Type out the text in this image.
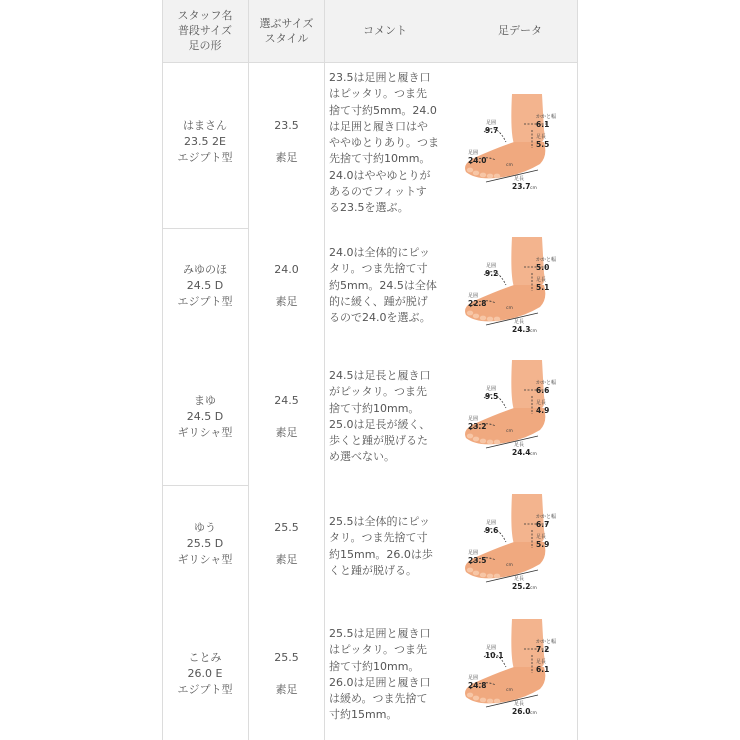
スタッフ名
普段サイズ
足の形
選ぶサイズ
スタイル
コメント	足データ
はまさん
23.5 2E
エジプト型
23.5
素足
23.5は足囲と履き口
はピッタリ。つま先
捨て寸約5mm。24.0
は足囲と履き口はや
ややゆとりあり。つま
先捨て寸約10mm。
24.0はややゆとりが
あるのでフィットす
る23.5を選ぶ。
足囲
9.7
かかと幅
6.1
足長
5.5
足囲
24.0
cm
足長
23.7 cm
みゆのほ
24.5 D
エジプト型
24.0
素足
24.0は全体的にピッ
タリ。つま先捨て寸
約5mm。24.5は全体
的に緩く、踵が脱げ
るので24.0を選ぶ。
足囲
9.2
かかと幅
5.0
足長
5.1
足囲
22.8
cm
足長
24.3 cm
まゆ
24.5 D
ギリシャ型
24.5
素足
24.5は足長と履き口
がピッタリ。つま先
捨て寸約10mm。
25.0は足長が緩く、
歩くと踵が脱げるた
め選べない。
足囲
9.5
かかと幅
6.6
足長
4.9
足囲
23.2
cm
足長
24.4 cm
ゆう
25.5 D
ギリシャ型
25.5
素足
25.5は全体的にピッ
タリ。つま先捨て寸
約15mm。26.0は歩
くと踵が脱げる。
足囲
9.6
かかと幅
6.7
足長
5.9
足囲
23.5
cm
足長
25.2 cm
ことみ
26.0 E
エジプト型
25.5
素足
25.5は足囲と履き口
はピッタリ。つま先
捨て寸約10mm。
26.0は足囲と履き口
は緩め。つま先捨て
寸約15mm。
足囲
10.1
かかと幅
7.2
足長
6.1
足囲
24.8
cm
足長
26.0 cm
